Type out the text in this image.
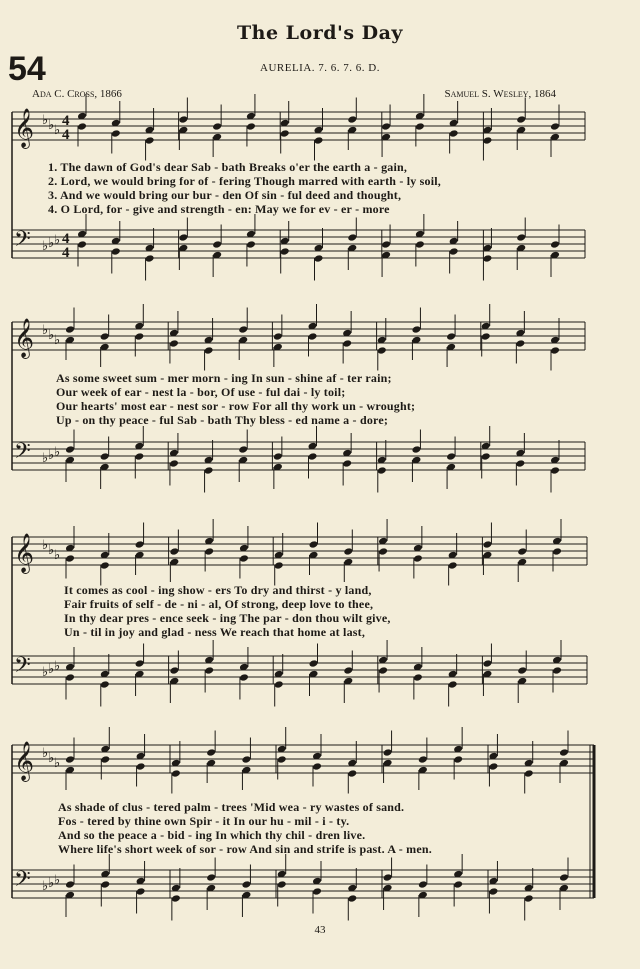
The Lord's Day
54	AURELIA. 7. 6. 7. 6. D.
Ada C. Cross, 1866	Samuel S. Wesley, 1864
𝄞 ♭ ♭ ♭
4
4
𝄢 ♭ ♭ ♭ 4
4
𝄞 ♭ ♭ ♭
𝄢 ♭ ♭ ♭
𝄞 ♭ ♭ ♭
𝄢 ♭ ♭ ♭
𝄞 ♭ ♭ ♭
𝄢 ♭ ♭ ♭
1. The dawn of God's dear Sab - bath Breaks o'er the earth a - gain,
2. Lord, we would bring for of - fering Though marred with earth - ly soil,
3. And we would bring our bur - den Of sin - ful deed and thought,
4. O Lord, for - give and strength - en: May we for ev - er - more
As some sweet sum - mer morn - ing In sun - shine af - ter rain;
Our week of ear - nest la - bor, Of use - ful dai - ly toil;
Our hearts' most ear - nest sor - row For all thy work un - wrought;
Up - on thy peace - ful Sab - bath Thy bless - ed name a - dore;
It comes as cool - ing show - ers To dry and thirst - y land,
Fair fruits of self - de - ni - al, Of strong, deep love to thee,
In thy dear pres - ence seek - ing The par - don thou wilt give,
Un - til in joy and glad - ness We reach that home at last,
As shade of clus - tered palm - trees 'Mid wea - ry wastes of sand.
Fos - tered by thine own Spir - it In our hu - mil - i - ty.
And so the peace a - bid - ing In which thy chil - dren live.
Where life's short week of sor - row And sin and strife is past. A - men.
43
